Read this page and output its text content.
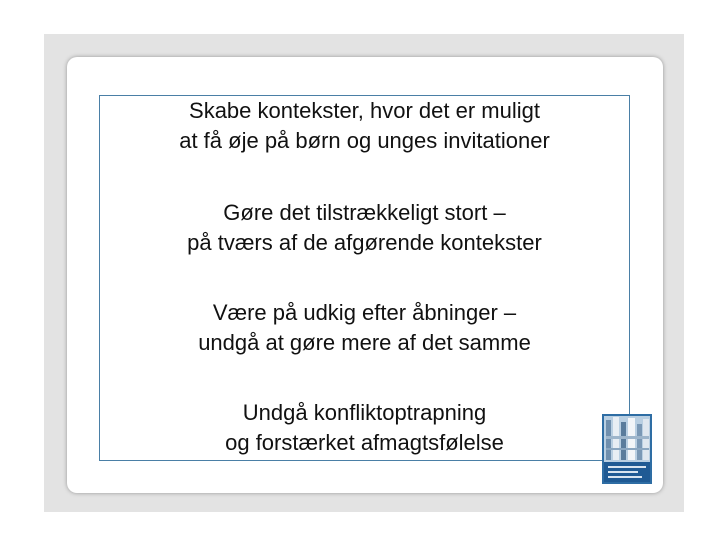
Skabe kontekster, hvor det er muligt
at få øje på børn og unges invitationer
Gøre det tilstrækkeligt stort –
på tværs af de afgørende kontekster
Være på udkig efter åbninger –
undgå at gøre mere af det samme
Undgå konfliktoptrapning
og forstærket afmagtsfølelse
